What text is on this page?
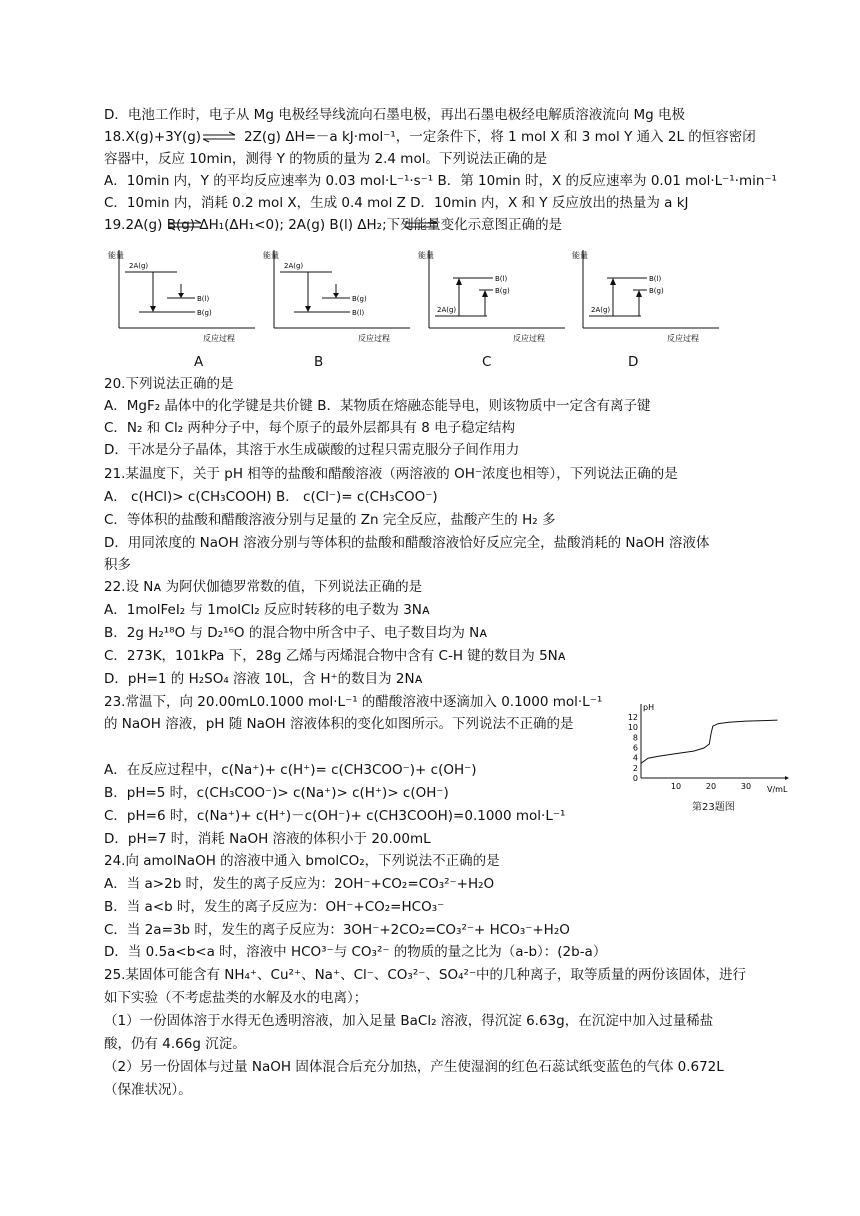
D．电池工作时，电子从 Mg 电极经导线流向石墨电极，再出石墨电极经电解质溶液流向 Mg 电极
18.X(g)+3Y(g)	2Z(g) ΔH=－a kJ·mol⁻¹，一定条件下，将 1 mol X 和 3 mol Y 通入 2L 的恒容密闭
容器中，反应 10min，测得 Y 的物质的量为 2.4 mol。下列说法正确的是
A．10min 内，Y 的平均反应速率为 0.03 mol·L⁻¹·s⁻¹ B．第 10min 时，X 的反应速率为 0.01 mol·L⁻¹·min⁻¹
C．10min 内，消耗 0.2 mol X，生成 0.4 mol Z D．10min 内，X 和 Y 反应放出的热量为 a kJ
19.2A(g) B(g) ΔH₁(ΔH₁<0); 2A(g) B(l) ΔH₂;下列能量变化示意图正确的是
20.下列说法正确的是
A．MgF₂ 晶体中的化学键是共价键 B．某物质在熔融态能导电，则该物质中一定含有离子键
C．N₂ 和 Cl₂ 两种分子中，每个原子的最外层都具有 8 电子稳定结构
D．干冰是分子晶体，其溶于水生成碳酸的过程只需克服分子间作用力
21.某温度下，关于 pH 相等的盐酸和醋酸溶液（两溶液的 OH⁻浓度也相等），下列说法正确的是
A． c(HCl)> c(CH₃COOH) B． c(Cl⁻)= c(CH₃COO⁻)
C．等体积的盐酸和醋酸溶液分别与足量的 Zn 完全反应，盐酸产生的 H₂ 多
D．用同浓度的 NaOH 溶液分别与等体积的盐酸和醋酸溶液恰好反应完全，盐酸消耗的 NaOH 溶液体
积多
22.设 Nᴀ 为阿伏伽德罗常数的值，下列说法正确的是
A．1molFeI₂ 与 1molCl₂ 反应时转移的电子数为 3Nᴀ
B．2g H₂¹⁸O 与 D₂¹⁶O 的混合物中所含中子、电子数目均为 Nᴀ
C．273K，101kPa 下，28g 乙烯与丙烯混合物中含有 C-H 键的数目为 5Nᴀ
D．pH=1 的 H₂SO₄ 溶液 10L，含 H⁺的数目为 2Nᴀ
23.常温下，向 20.00mL0.1000 mol·L⁻¹ 的醋酸溶液中逐滴加入 0.1000 mol·L⁻¹
的 NaOH 溶液，pH 随 NaOH 溶液体积的变化如图所示。下列说法不正确的是
A．在反应过程中，c(Na⁺)+ c(H⁺)= c(CH3COO⁻)+ c(OH⁻)
B．pH=5 时，c(CH₃COO⁻)> c(Na⁺)> c(H⁺)> c(OH⁻)
C．pH=6 时，c(Na⁺)+ c(H⁺)－c(OH⁻)+ c(CH3COOH)=0.1000 mol·L⁻¹
D．pH=7 时，消耗 NaOH 溶液的体积小于 20.00mL
24.向 amolNaOH 的溶液中通入 bmolCO₂，下列说法不正确的是
A．当 a>2b 时，发生的离子反应为：2OH⁻+CO₂=CO₃²⁻+H₂O
B．当 a<b 时，发生的离子反应为：OH⁻+CO₂=HCO₃⁻
C．当 2a=3b 时，发生的离子反应为：3OH⁻+2CO₂=CO₃²⁻+ HCO₃⁻+H₂O
D．当 0.5a<b<a 时，溶液中 HCO³⁻与 CO₃²⁻ 的物质的量之比为（a-b）：(2b-a）
25.某固体可能含有 NH₄⁺、Cu²⁺、Na⁺、Cl⁻、CO₃²⁻、SO₄²⁻中的几种离子，取等质量的两份该固体，进行
如下实验（不考虑盐类的水解及水的电离）；
（1）一份固体溶于水得无色透明溶液，加入足量 BaCl₂ 溶液，得沉淀 6.63g，在沉淀中加入过量稀盐
酸，仍有 4.66g 沉淀。
（2）另一份固体与过量 NaOH 固体混合后充分加热，产生使湿润的红色石蕊试纸变蓝色的气体 0.672L
（保准状况）。
能量
反应过程
2A(g)
B(l)
B(g)
能量
反应过程
2A(g)
B(g)
B(l)
能量
反应过程
2A(g)
B(l)
B(g)
能量
反应过程
2A(g)
B(l)
B(g)
A	B	C	D
0
2
4
6
8
10
12
10	20	30
pH
V/mL
第23题图
